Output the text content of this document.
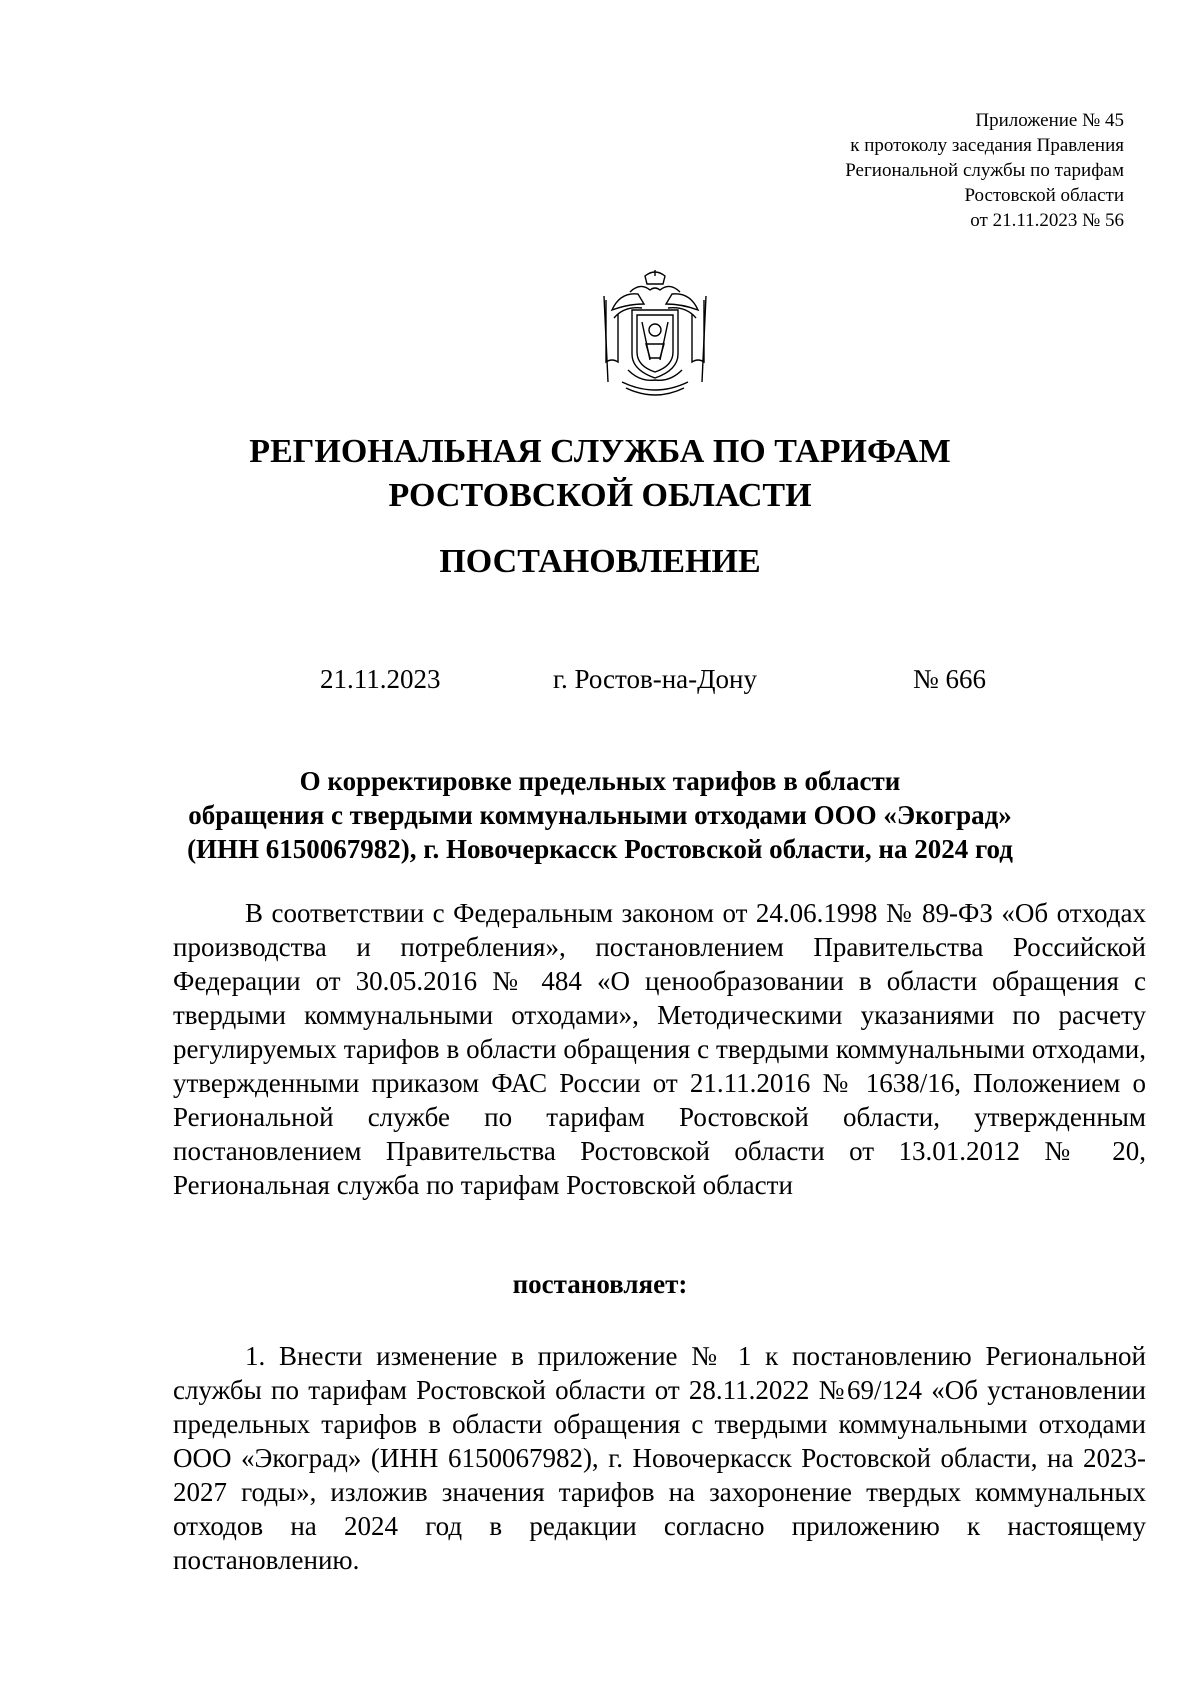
Приложение № 45
к протоколу заседания Правления
Региональной службы по тарифам
Ростовской области
от 21.11.2023 № 56
РЕГИОНАЛЬНАЯ СЛУЖБА ПО ТАРИФАМ
РОСТОВСКОЙ ОБЛАСТИ
ПОСТАНОВЛЕНИЕ
21.11.2023	г. Ростов-на-Дону	№ 666
О корректировке предельных тарифов в области
обращения с твердыми коммунальными отходами ООО «Экоград»
(ИНН 6150067982), г. Новочеркасск Ростовской области, на 2024 год
В соответствии с Федеральным законом от 24.06.1998 № 89-ФЗ «Об отходах производства и потребления», постановлением Правительства Российской Федерации от 30.05.2016 № 484 «О ценообразовании в области обращения с твердыми коммунальными отходами», Методическими указаниями по расчету регулируемых тарифов в области обращения с твердыми коммунальными отходами, утвержденными приказом ФАС России от 21.11.2016 № 1638/16, Положением о Региональной службе по тарифам Ростовской области, утвержденным постановлением Правительства Ростовской области от 13.01.2012 № 20, Региональная служба по тарифам Ростовской области
постановляет:
1. Внести изменение в приложение № 1 к постановлению Региональной службы по тарифам Ростовской области от 28.11.2022 №69/124 «Об установлении предельных тарифов в области обращения с твердыми коммунальными отходами ООО «Экоград» (ИНН 6150067982), г. Новочеркасск Ростовской области, на 2023-2027 годы», изложив значения тарифов на захоронение твердых коммунальных отходов на 2024 год в редакции согласно приложению к настоящему постановлению.
